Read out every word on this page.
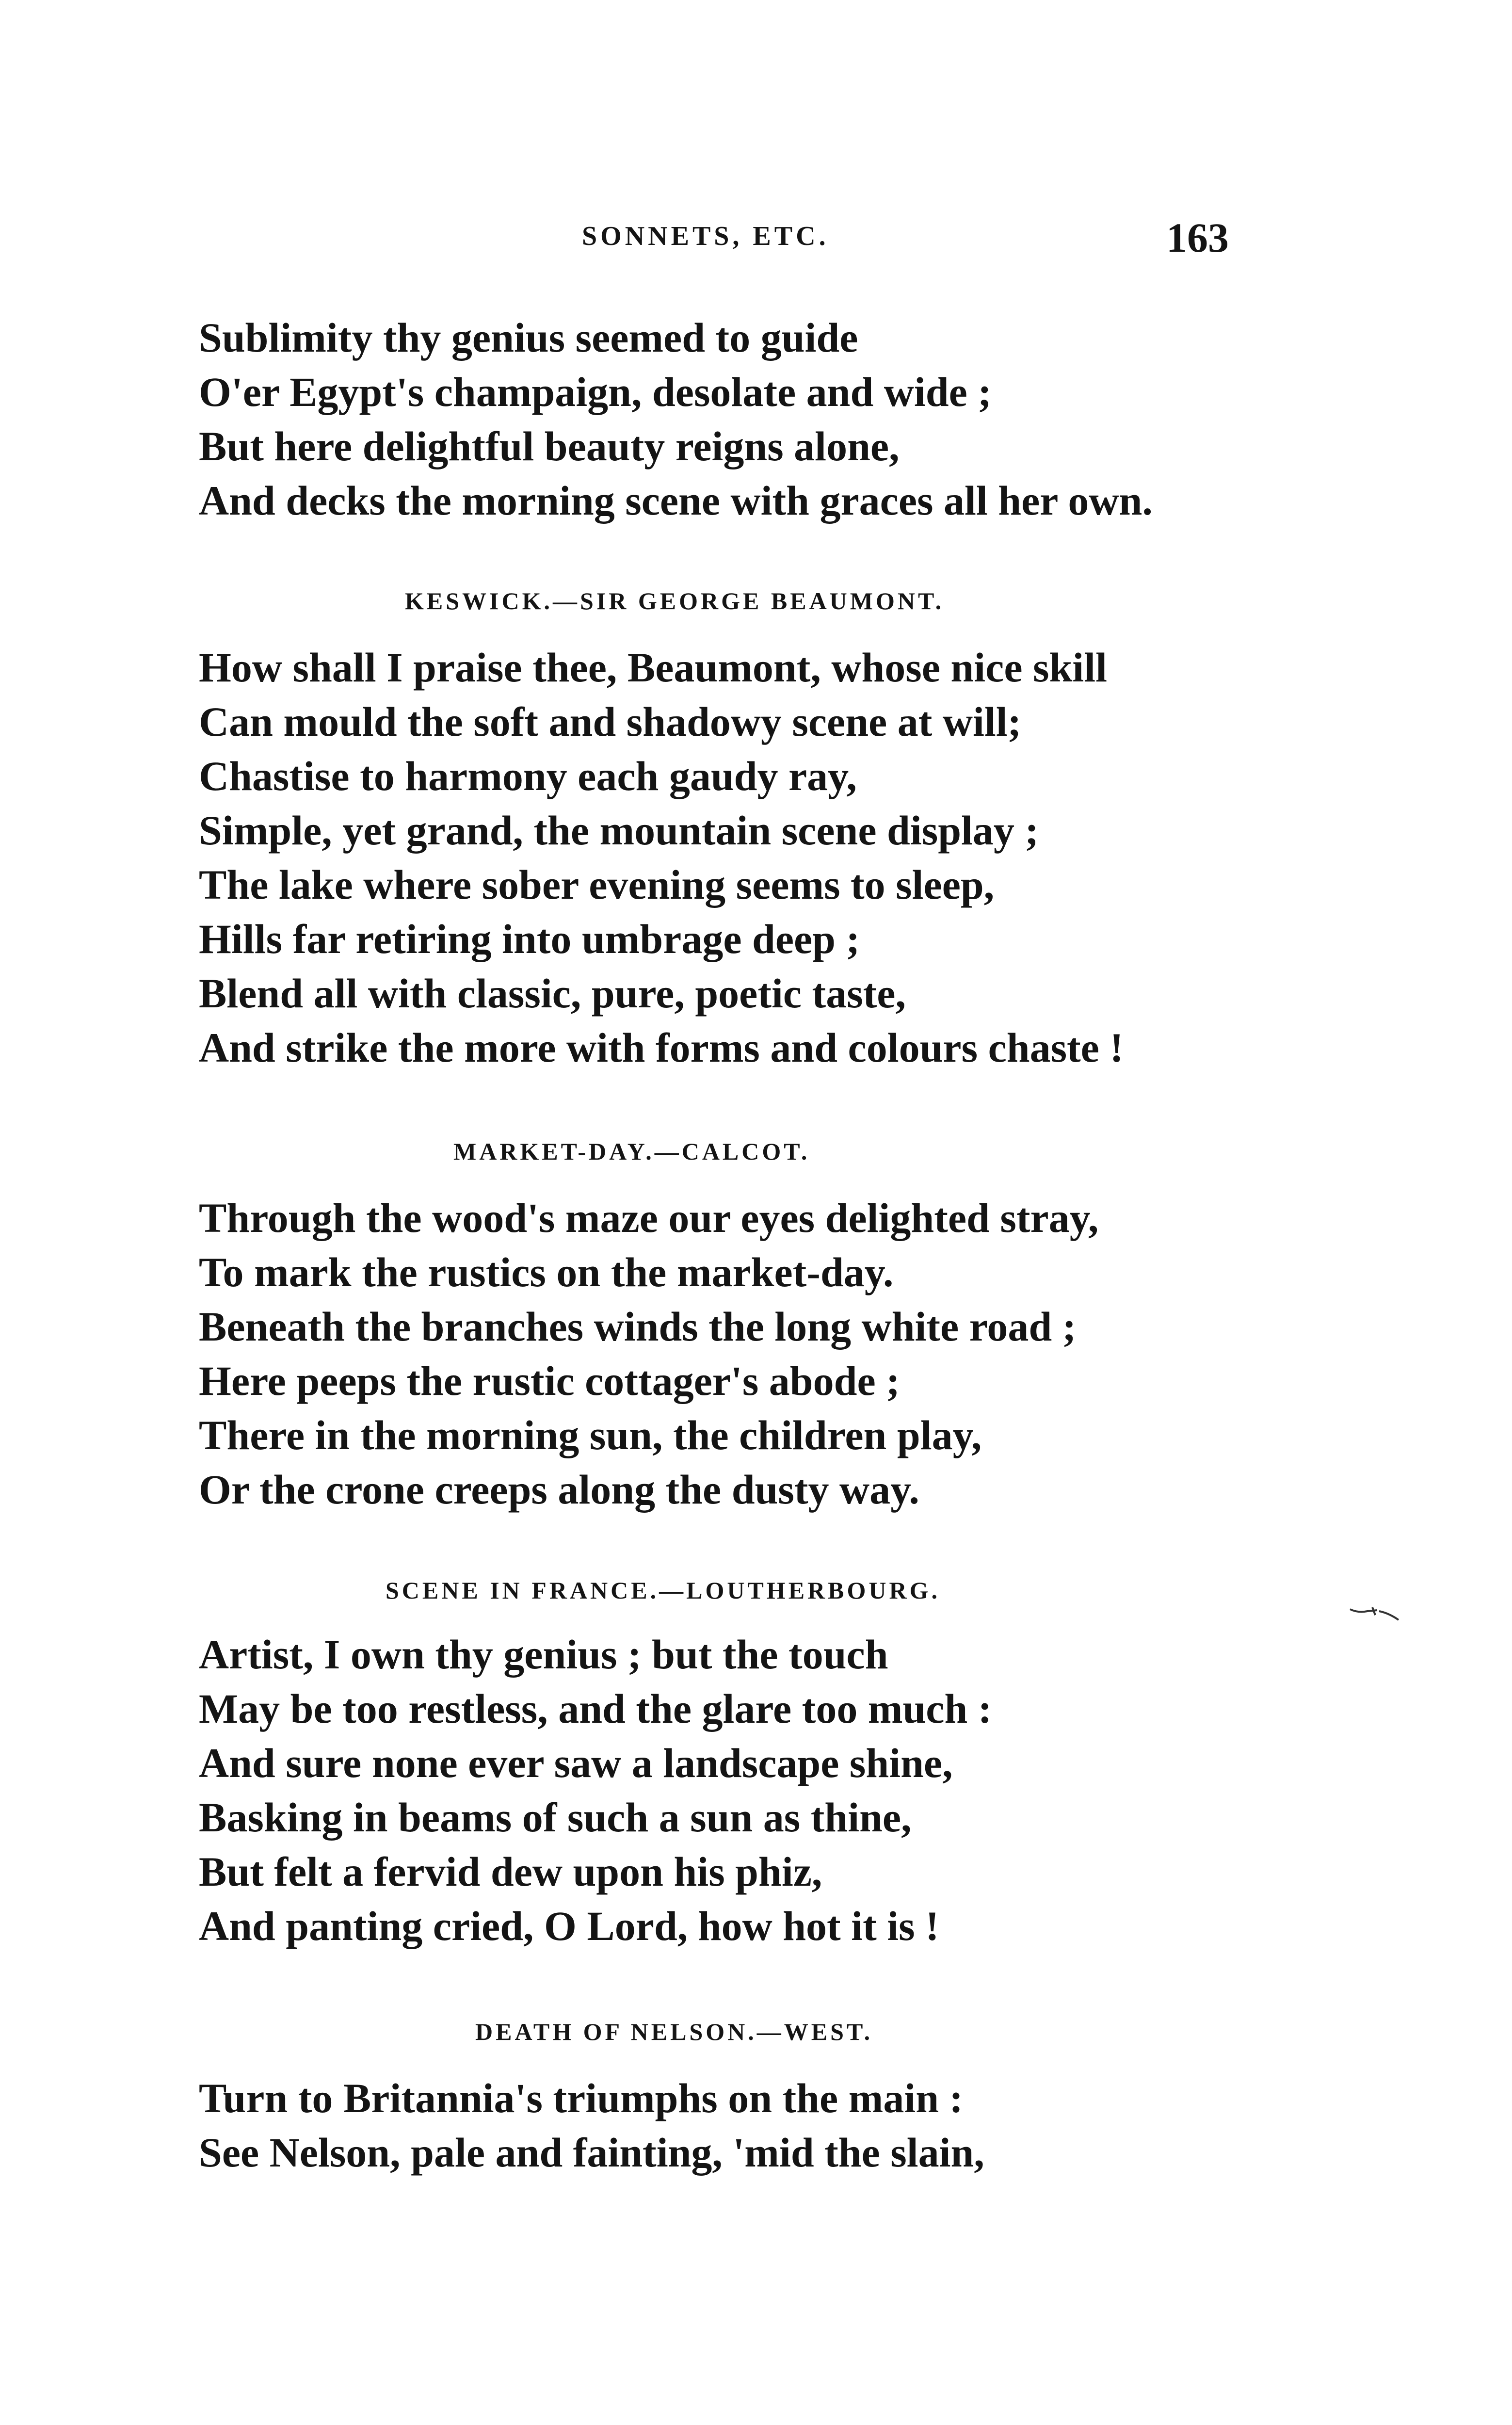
SONNETS, ETC.	163
Sublimity thy genius seemed to guide
O'er Egypt's champaign, desolate and wide ;
But here delightful beauty reigns alone,
And decks the morning scene with graces all her own.
KESWICK.—SIR GEORGE BEAUMONT.
How shall I praise thee, Beaumont, whose nice skill
Can mould the soft and shadowy scene at will;
Chastise to harmony each gaudy ray,
Simple, yet grand, the mountain scene display ;
The lake where sober evening seems to sleep,
Hills far retiring into umbrage deep ;
Blend all with classic, pure, poetic taste,
And strike the more with forms and colours chaste !
MARKET-DAY.—CALCOT.
Through the wood's maze our eyes delighted stray,
To mark the rustics on the market-day.
Beneath the branches winds the long white road ;
Here peeps the rustic cottager's abode ;
There in the morning sun, the children play,
Or the crone creeps along the dusty way.
SCENE IN FRANCE.—LOUTHERBOURG.
Artist, I own thy genius ; but the touch
May be too restless, and the glare too much :
And sure none ever saw a landscape shine,
Basking in beams of such a sun as thine,
But felt a fervid dew upon his phiz,
And panting cried, O Lord, how hot it is !
DEATH OF NELSON.—WEST.
Turn to Britannia's triumphs on the main :
See Nelson, pale and fainting, 'mid the slain,
